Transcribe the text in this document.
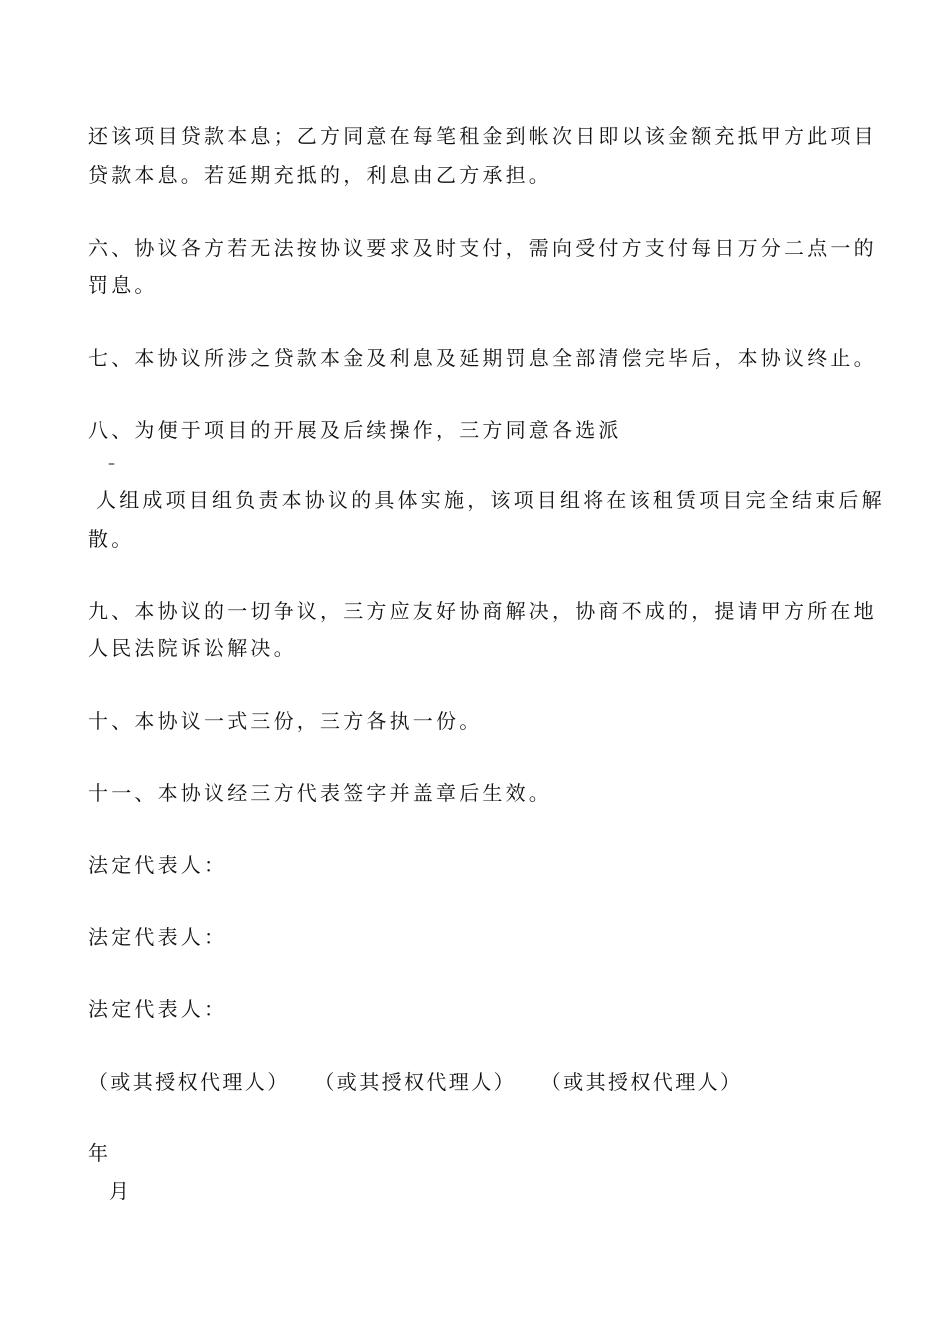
还该项目贷款本息；乙方同意在每笔租金到帐次日即以该金额充抵甲方此项目
贷款本息。若延期充抵的，利息由乙方承担。
六、协议各方若无法按协议要求及时支付，需向受付方支付每日万分二点一的
罚息。
七、本协议所涉之贷款本金及利息及延期罚息全部清偿完毕后，本协议终止。
八、为便于项目的开展及后续操作，三方同意各选派
–
人组成项目组负责本协议的具体实施，该项目组将在该租赁项目完全结束后解
散。
九、本协议的一切争议，三方应友好协商解决，协商不成的，提请甲方所在地
人民法院诉讼解决。
十、本协议一式三份，三方各执一份。
十一、本协议经三方代表签字并盖章后生效。
法定代表人：
法定代表人：
法定代表人：
（或其授权代理人）　　（或其授权代理人）　　（或其授权代理人）
年
月
